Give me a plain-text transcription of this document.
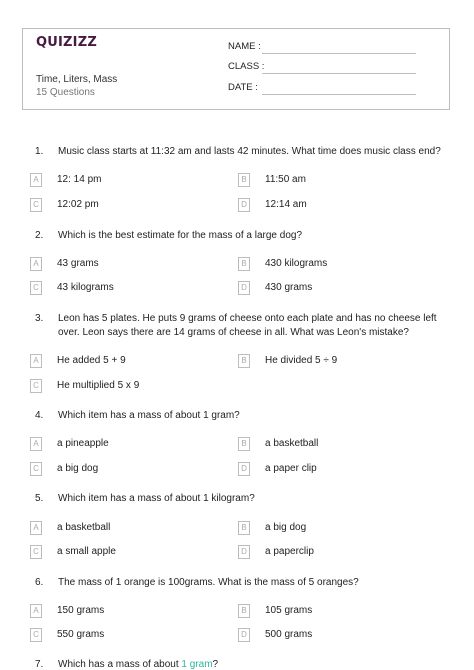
QUIZIZZ
Time, Liters, Mass
15 Questions
NAME :
CLASS :
DATE :
1.	Music class starts at 11:32 am and lasts 42 minutes. What time does music class end?
A	12: 14 pm	B	11:50 am
C	12:02 pm	D	12:14 am
2.	Which is the best estimate for the mass of a large dog?
A	43 grams	B	430 kilograms
C	43 kilograms	D	430 grams
3.	Leon has 5 plates. He puts 9 grams of cheese onto each plate and has no cheese left over. Leon says there are 14 grams of cheese in all. What was Leon's mistake?
A	He added 5 + 9	B	He divided 5 ÷ 9
C	He multiplied 5 x 9
4.	Which item has a mass of about 1 gram?
A	a pineapple	B	a basketball
C	a big dog	D	a paper clip
5.	Which item has a mass of about 1 kilogram?
A	a basketball	B	a big dog
C	a small apple	D	a paperclip
6.	The mass of 1 orange is 100grams. What is the mass of 5 oranges?
A	150 grams	B	105 grams
C	550 grams	D	500 grams
7.	Which has a mass of about 1 gram?
